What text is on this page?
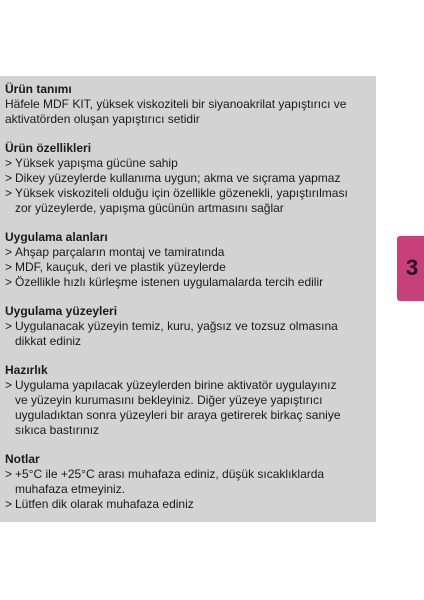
Ürün tanımı

Häfele MDF KIT, yüksek viskoziteli bir siyanoakrilat yapıştırıcı ve

aktivatörden oluşan yapıştırıcı setidir

Ürün özellikleri

> Yüksek yapışma gücüne sahip
> Dikey yüzeylerde kullanıma uygun; akma ve sıçrama yapmaz
> Yüksek viskoziteli olduğu için özellikle gözenekli, yapıştırılması
zor yüzeylerde, yapışma gücünün artmasını sağlar

Uygulama alanları

> Ahşap parçaların montaj ve tamiratında
> MDF, kauçuk, deri ve plastik yüzeylerde
> Özellikle hızlı kürleşme istenen uygulamalarda tercih edilir

Uygulama yüzeyleri

> Uygulanacak yüzeyin temiz, kuru, yağsız ve tozsuz olmasına
dikkat ediniz

Hazırlık

> Uygulama yapılacak yüzeylerden birine aktivatör uygulayınız
ve yüzeyin kurumasını bekleyiniz. Diğer yüzeye yapıştırıcı
uyguladıktan sonra yüzeyleri bir araya getirerek birkaç saniye
sıkıca bastırınız

Notlar

> +5°C ile +25°C arası muhafaza ediniz, düşük sıcaklıklarda
muhafaza etmeyiniz.
> Lütfen dik olarak muhafaza ediniz
3
